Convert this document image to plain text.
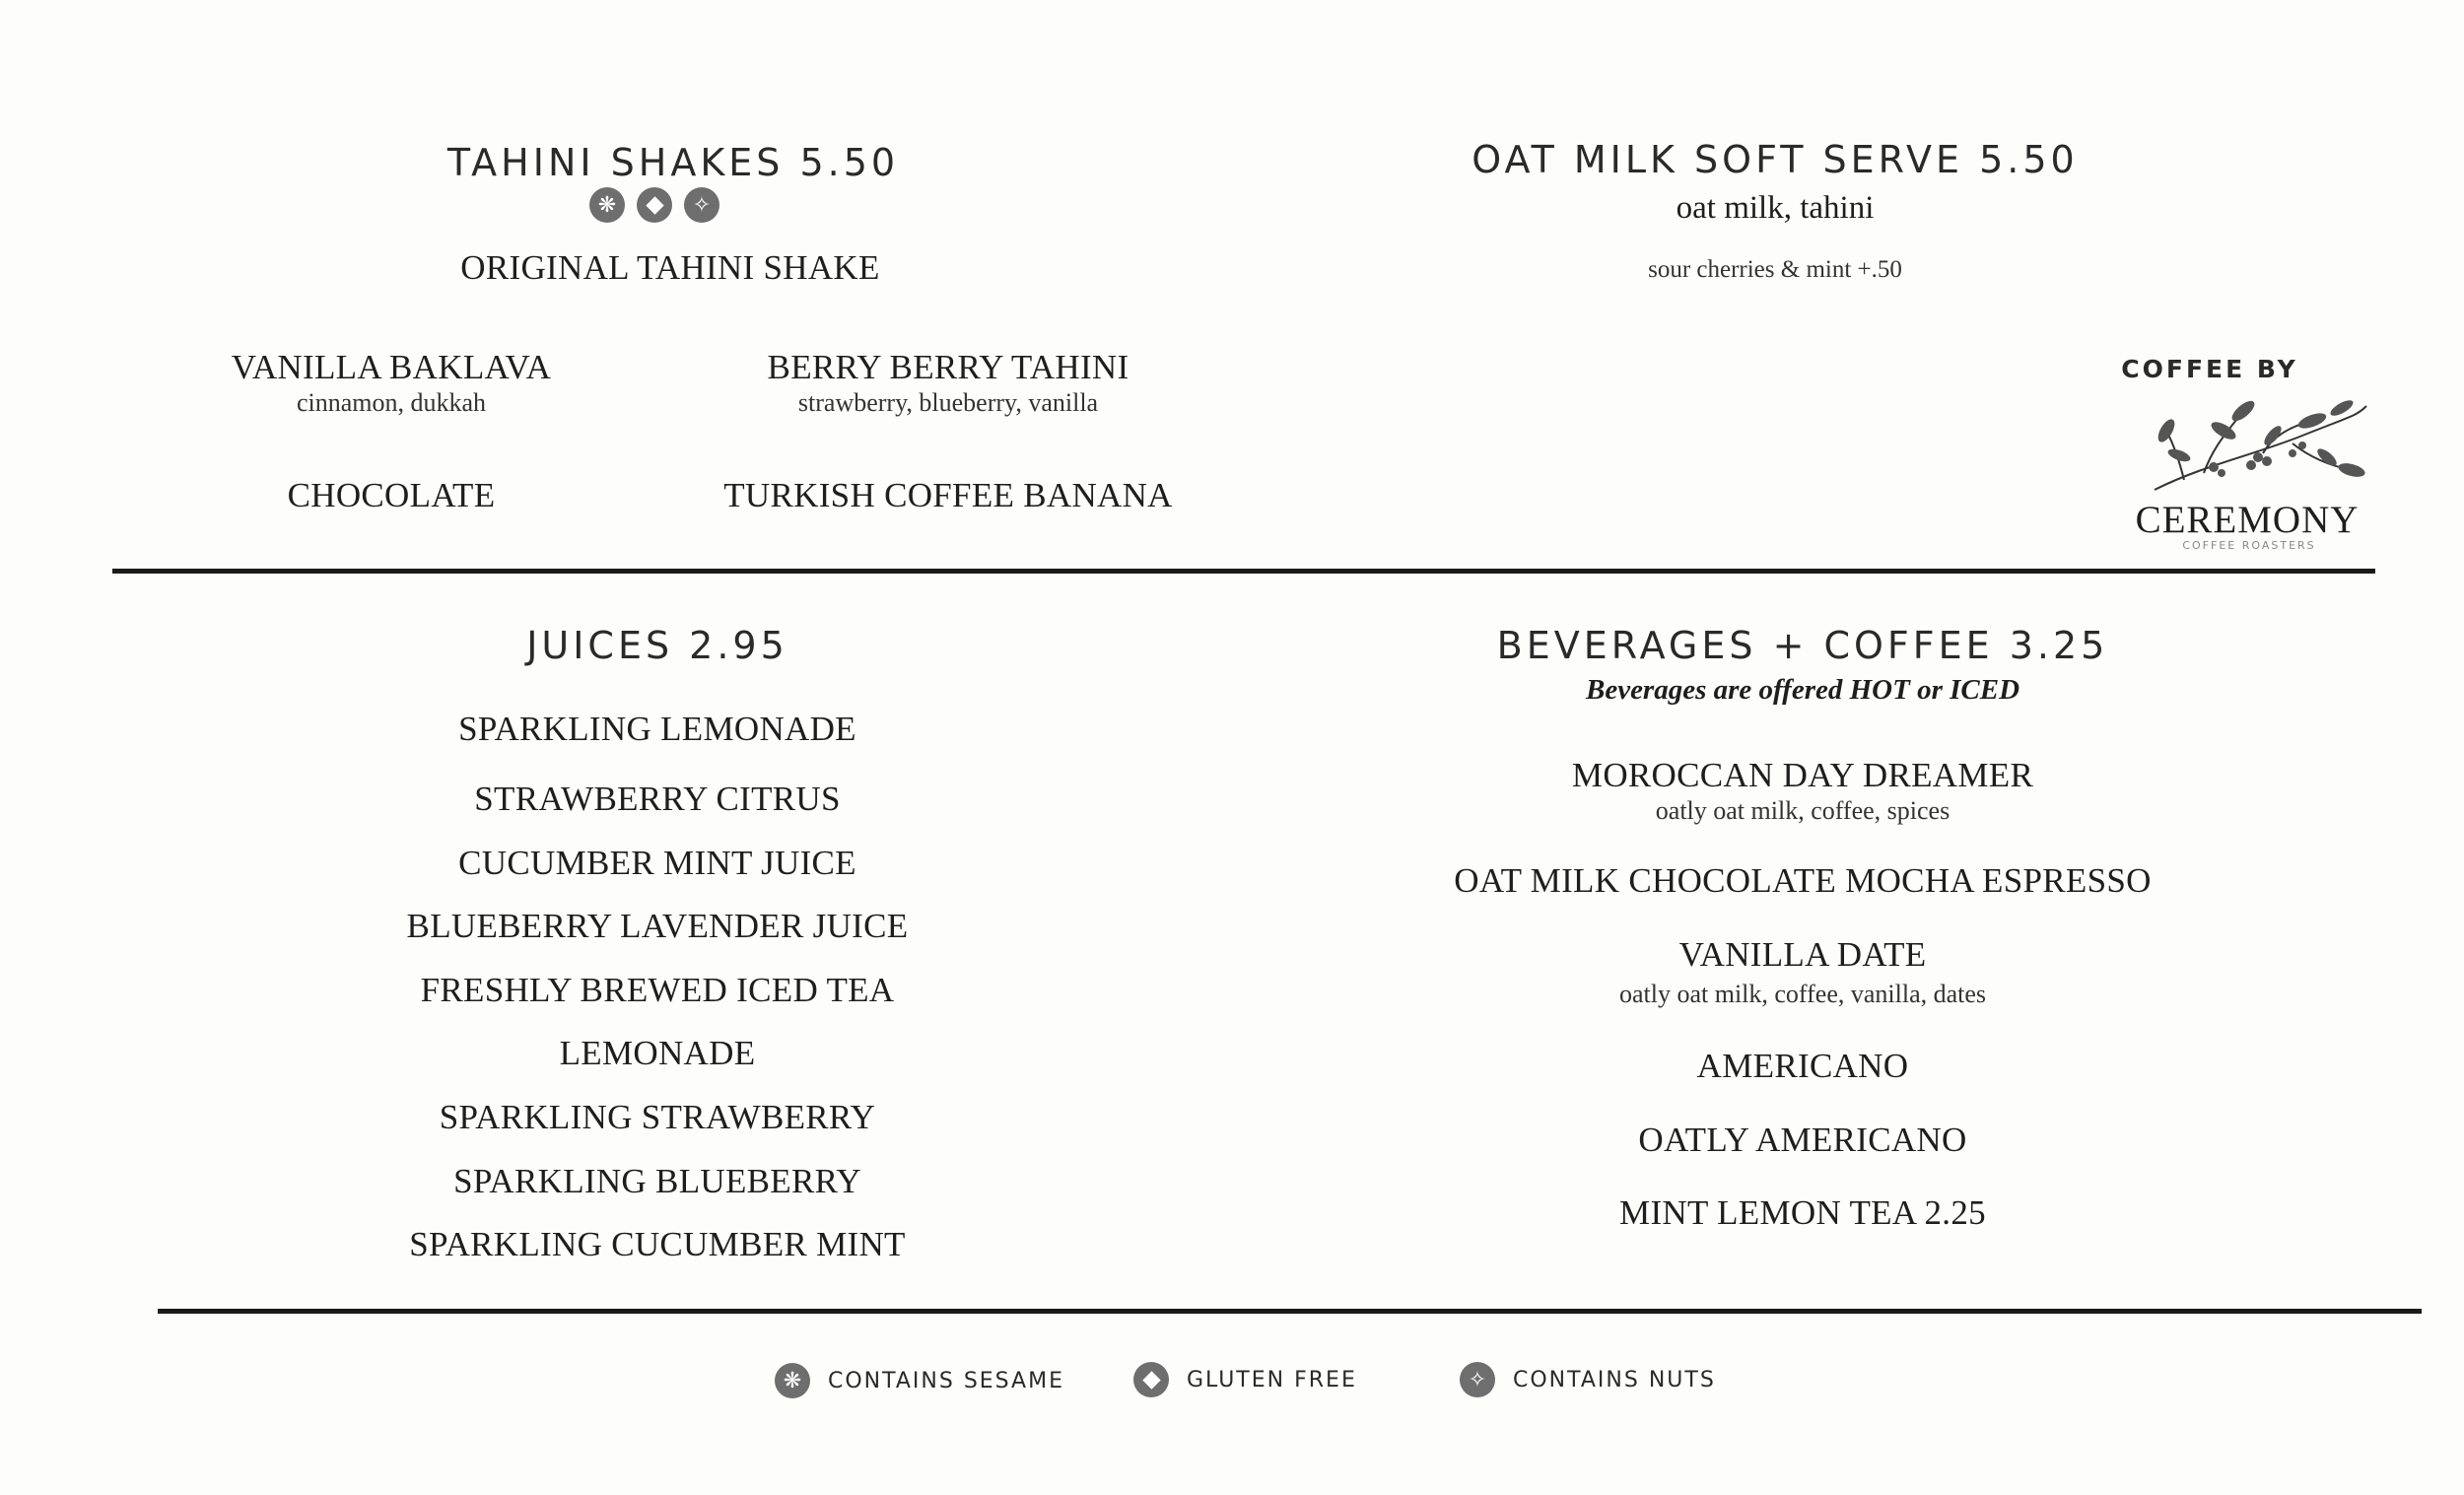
TAHINI SHAKES 5.50
❋	✧
ORIGINAL TAHINI SHAKE
VANILLA BAKLAVA
cinnamon, dukkah
BERRY BERRY TAHINI
strawberry, blueberry, vanilla
CHOCOLATE	TURKISH COFFEE BANANA
OAT MILK SOFT SERVE 5.50
oat milk, tahini
sour cherries & mint +.50
COFFEE BY
CEREMONY
COFFEE ROASTERS
JUICES 2.95
SPARKLING LEMONADE
STRAWBERRY CITRUS
CUCUMBER MINT JUICE
BLUEBERRY LAVENDER JUICE
FRESHLY BREWED ICED TEA
LEMONADE
SPARKLING STRAWBERRY
SPARKLING BLUEBERRY
SPARKLING CUCUMBER MINT
BEVERAGES + COFFEE 3.25
Beverages are offered HOT or ICED
MOROCCAN DAY DREAMER
oatly oat milk, coffee, spices
OAT MILK CHOCOLATE MOCHA ESPRESSO
VANILLA DATE
oatly oat milk, coffee, vanilla, dates
AMERICANO
OATLY AMERICANO
MINT LEMON TEA 2.25
❋	CONTAINS SESAME	GLUTEN FREE	✧	CONTAINS NUTS
